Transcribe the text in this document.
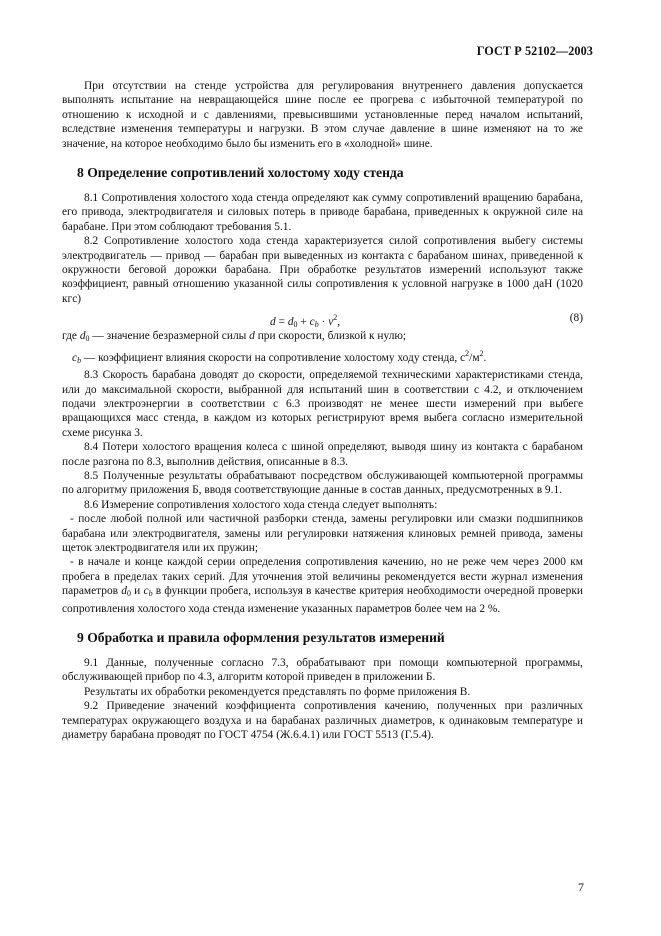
ГОСТ Р 52102—2003

При отсутствии на стенде устройства для регулирования внутреннего давления допускается выполнять испытание на невращающейся шине после ее прогрева с избыточной температурой по отношению к исходной и с давлениями, превысившими установленные перед началом испытаний, вследствие изменения температуры и нагрузки. В этом случае давление в шине изменяют на то же значение, на которое необходимо было бы изменить его в «холодной» шине.

8 Определение сопротивлений холостому ходу стенда

8.1 Сопротивления холостого хода стенда определяют как сумму сопротивлений вращению барабана, его привода, электродвигателя и силовых потерь в приводе барабана, приведенных к окружной силе на барабане. При этом соблюдают требования 5.1.

8.2 Сопротивление холостого хода стенда характеризуется силой сопротивления выбегу системы электродвигатель — привод — барабан при выведенных из контакта с барабаном шинах, приведенной к окружности беговой дорожки барабана. При обработке результатов измерений используют также коэффициент, равный отношению указанной силы сопротивления к условной нагрузке в 1000 даН (1020 кгс)

$d = d_0 + c_b \cdot v^2$,	(8)

где $d_0$ — значение безразмерной силы d при скорости, близкой к нулю;

$c_b$ — коэффициент влияния скорости на сопротивление холостому ходу стенда, $с^2/м^2$.

8.3 Скорость барабана доводят до скорости, определяемой техническими характеристиками стенда, или до максимальной скорости, выбранной для испытаний шин в соответствии с 4.2, и отключением подачи электроэнергии в соответствии с 6.3 производят не менее шести измерений при выбеге вращающихся масс стенда, в каждом из которых регистрируют время выбега согласно измерительной схеме рисунка 3.

8.4 Потери холостого вращения колеса с шиной определяют, выводя шину из контакта с барабаном после разгона по 8.3, выполнив действия, описанные в 8.3.

8.5 Полученные результаты обрабатывают посредством обслуживающей компьютерной программы по алгоритму приложения Б, вводя соответствующие данные в состав данных, предусмотренных в 9.1.

8.6 Измерение сопротивления холостого хода стенда следует выполнять:

- после любой полной или частичной разборки стенда, замены регулировки или смазки подшипников барабана или электродвигателя, замены или регулировки натяжения клиновых ремней привода, замены щеток электродвигателя или их пружин;

- в начале и конце каждой серии определения сопротивления качению, но не реже чем через 2000 км пробега в пределах таких серий. Для уточнения этой величины рекомендуется вести журнал изменения параметров $d_0$ и $c_b$ в функции пробега, используя в качестве критерия необходимости очередной проверки сопротивления холостого хода стенда изменение указанных параметров более чем на 2 %.

9 Обработка и правила оформления результатов измерений

9.1 Данные, полученные согласно 7.3, обрабатывают при помощи компьютерной программы, обслуживающей прибор по 4.3, алгоритм которой приведен в приложении Б.

Результаты их обработки рекомендуется представлять по форме приложения В.

9.2 Приведение значений коэффициента сопротивления качению, полученных при различных температурах окружающего воздуха и на барабанах различных диаметров, к одинаковым температуре и диаметру барабана проводят по ГОСТ 4754 (Ж.6.4.1) или ГОСТ 5513 (Г.5.4).

7
